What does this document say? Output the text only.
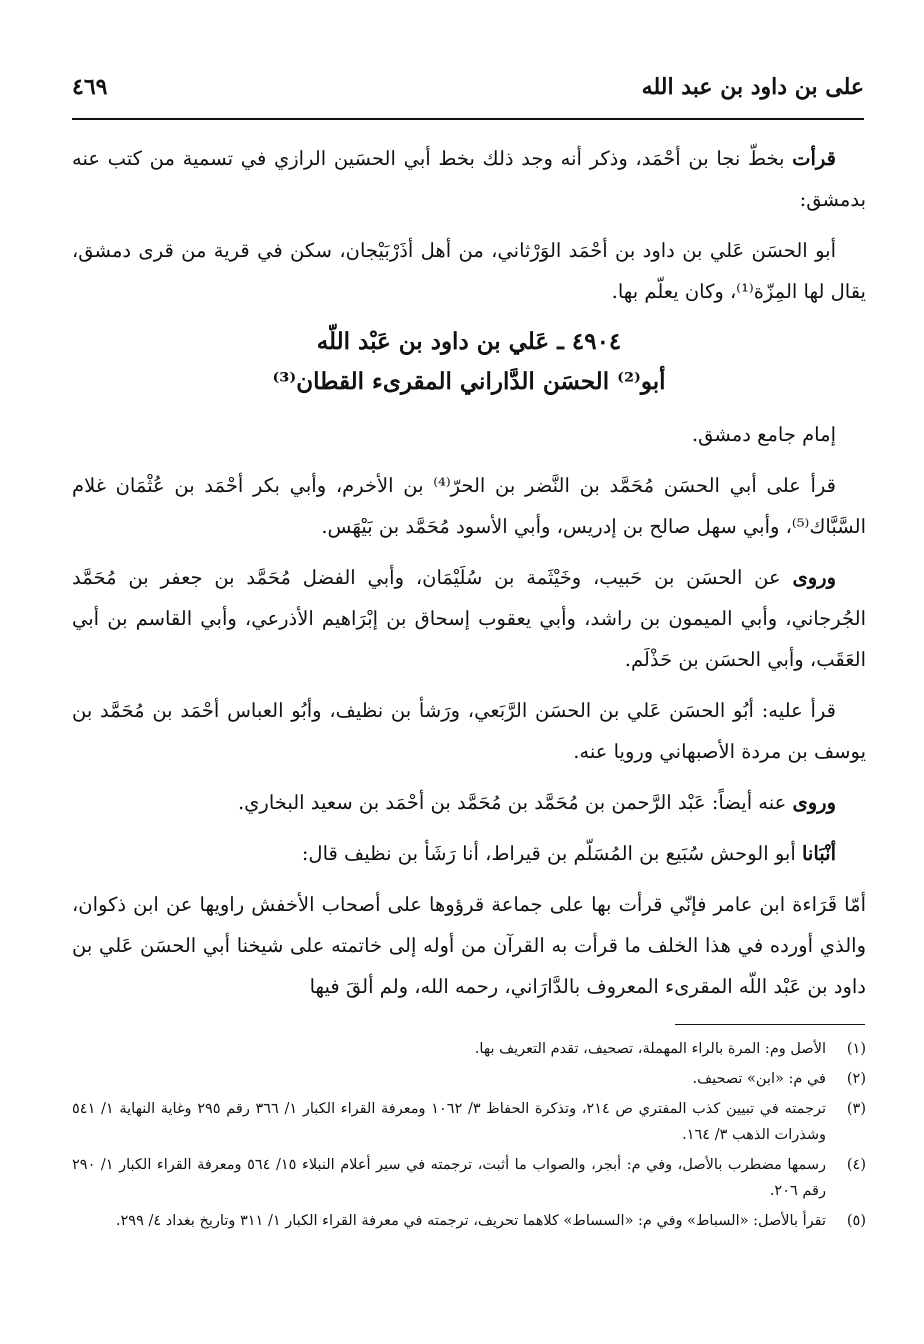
على بن داود بن عبد الله
٤٦٩

قرأت بخطّ نجا بن أحْمَد، وذكر أنه وجد ذلك بخط أبي الحسَين الرازي في تسمية من كتب عنه بدمشق:

أبو الحسَن عَلي بن داود بن أحْمَد الوَرْثاني، من أهل أذَرْبَيْجان، سكن في قرية من قرى دمشق، يقال لها المِزّة⁽¹⁾، وكان يعلّم بها.

٤٩٠٤ ـ عَلي بن داود بن عَبْد اللّه
أبو⁽²⁾ الحسَن الدَّاراني المقرىء القطان⁽³⁾

إمام جامع دمشق.

قرأ على أبي الحسَن مُحَمَّد بن النَّضر بن الحرّ⁽⁴⁾ بن الأخرم، وأبي بكر أحْمَد بن عُثْمَان غلام السَّبَّاك⁽⁵⁾، وأبي سهل صالح بن إدريس، وأبي الأسود مُحَمَّد بن بَيْهَس.

وروى عن الحسَن بن حَبيب، وخَيْثَمة بن سُلَيْمَان، وأبي الفضل مُحَمَّد بن جعفر بن مُحَمَّد الجُرجاني، وأبي الميمون بن راشد، وأبي يعقوب إسحاق بن إبْرَاهيم الأذرعي، وأبي القاسم بن أبي العَقَب، وأبي الحسَن بن حَذْلَم.

قرأ عليه: أبُو الحسَن عَلي بن الحسَن الرَّبَعي، ورَشأ بن نظيف، وأبُو العباس أحْمَد بن مُحَمَّد بن يوسف بن مردة الأصبهاني ورويا عنه.

وروى عنه أيضاً: عَبْد الرَّحمن بن مُحَمَّد بن مُحَمَّد بن أحْمَد بن سعيد البخاري.

أنْبَانا أبو الوحش سُبَيع بن المُسَلّم بن قيراط، أنا رَشَأ بن نظيف قال:

أمّا قَرَاءة ابن عامر فإنّي قرأت بها على جماعة قرؤوها على أصحاب الأخفش راويها عن ابن ذكوان، والذي أورده في هذا الخلف ما قرأت به القرآن من أوله إلى خاتمته على شيخنا أبي الحسَن عَلي بن داود بن عَبْد اللّه المقرىء المعروف بالدَّارَاني، رحمه الله، ولم ألقَ فيها

(١)
الأصل وم: المرة بالراء المهملة، تصحيف، تقدم التعريف بها.
(٢)
في م: «ابن» تصحيف.
(٣)
ترجمته في تبيين كذب المفتري ص ٢١٤، وتذكرة الحفاظ ٣/ ١٠٦٢ ومعرفة القراء الكبار ١/ ٣٦٦ رقم ٢٩٥ وغاية النهاية ١/ ٥٤١ وشذرات الذهب ٣/ ١٦٤.
(٤)
رسمها مضطرب بالأصل، وفي م: أبجر، والصواب ما أثبت، ترجمته في سير أعلام النبلاء ١٥/ ٥٦٤ ومعرفة القراء الكبار ١/ ٢٩٠ رقم ٢٠٦.
(٥)
تقرأ بالأصل: «السباط» وفي م: «السساط» كلاهما تحريف، ترجمته في معرفة القراء الكبار ١/ ٣١١ وتاريخ بغداد ٤/ ٢٩٩.
